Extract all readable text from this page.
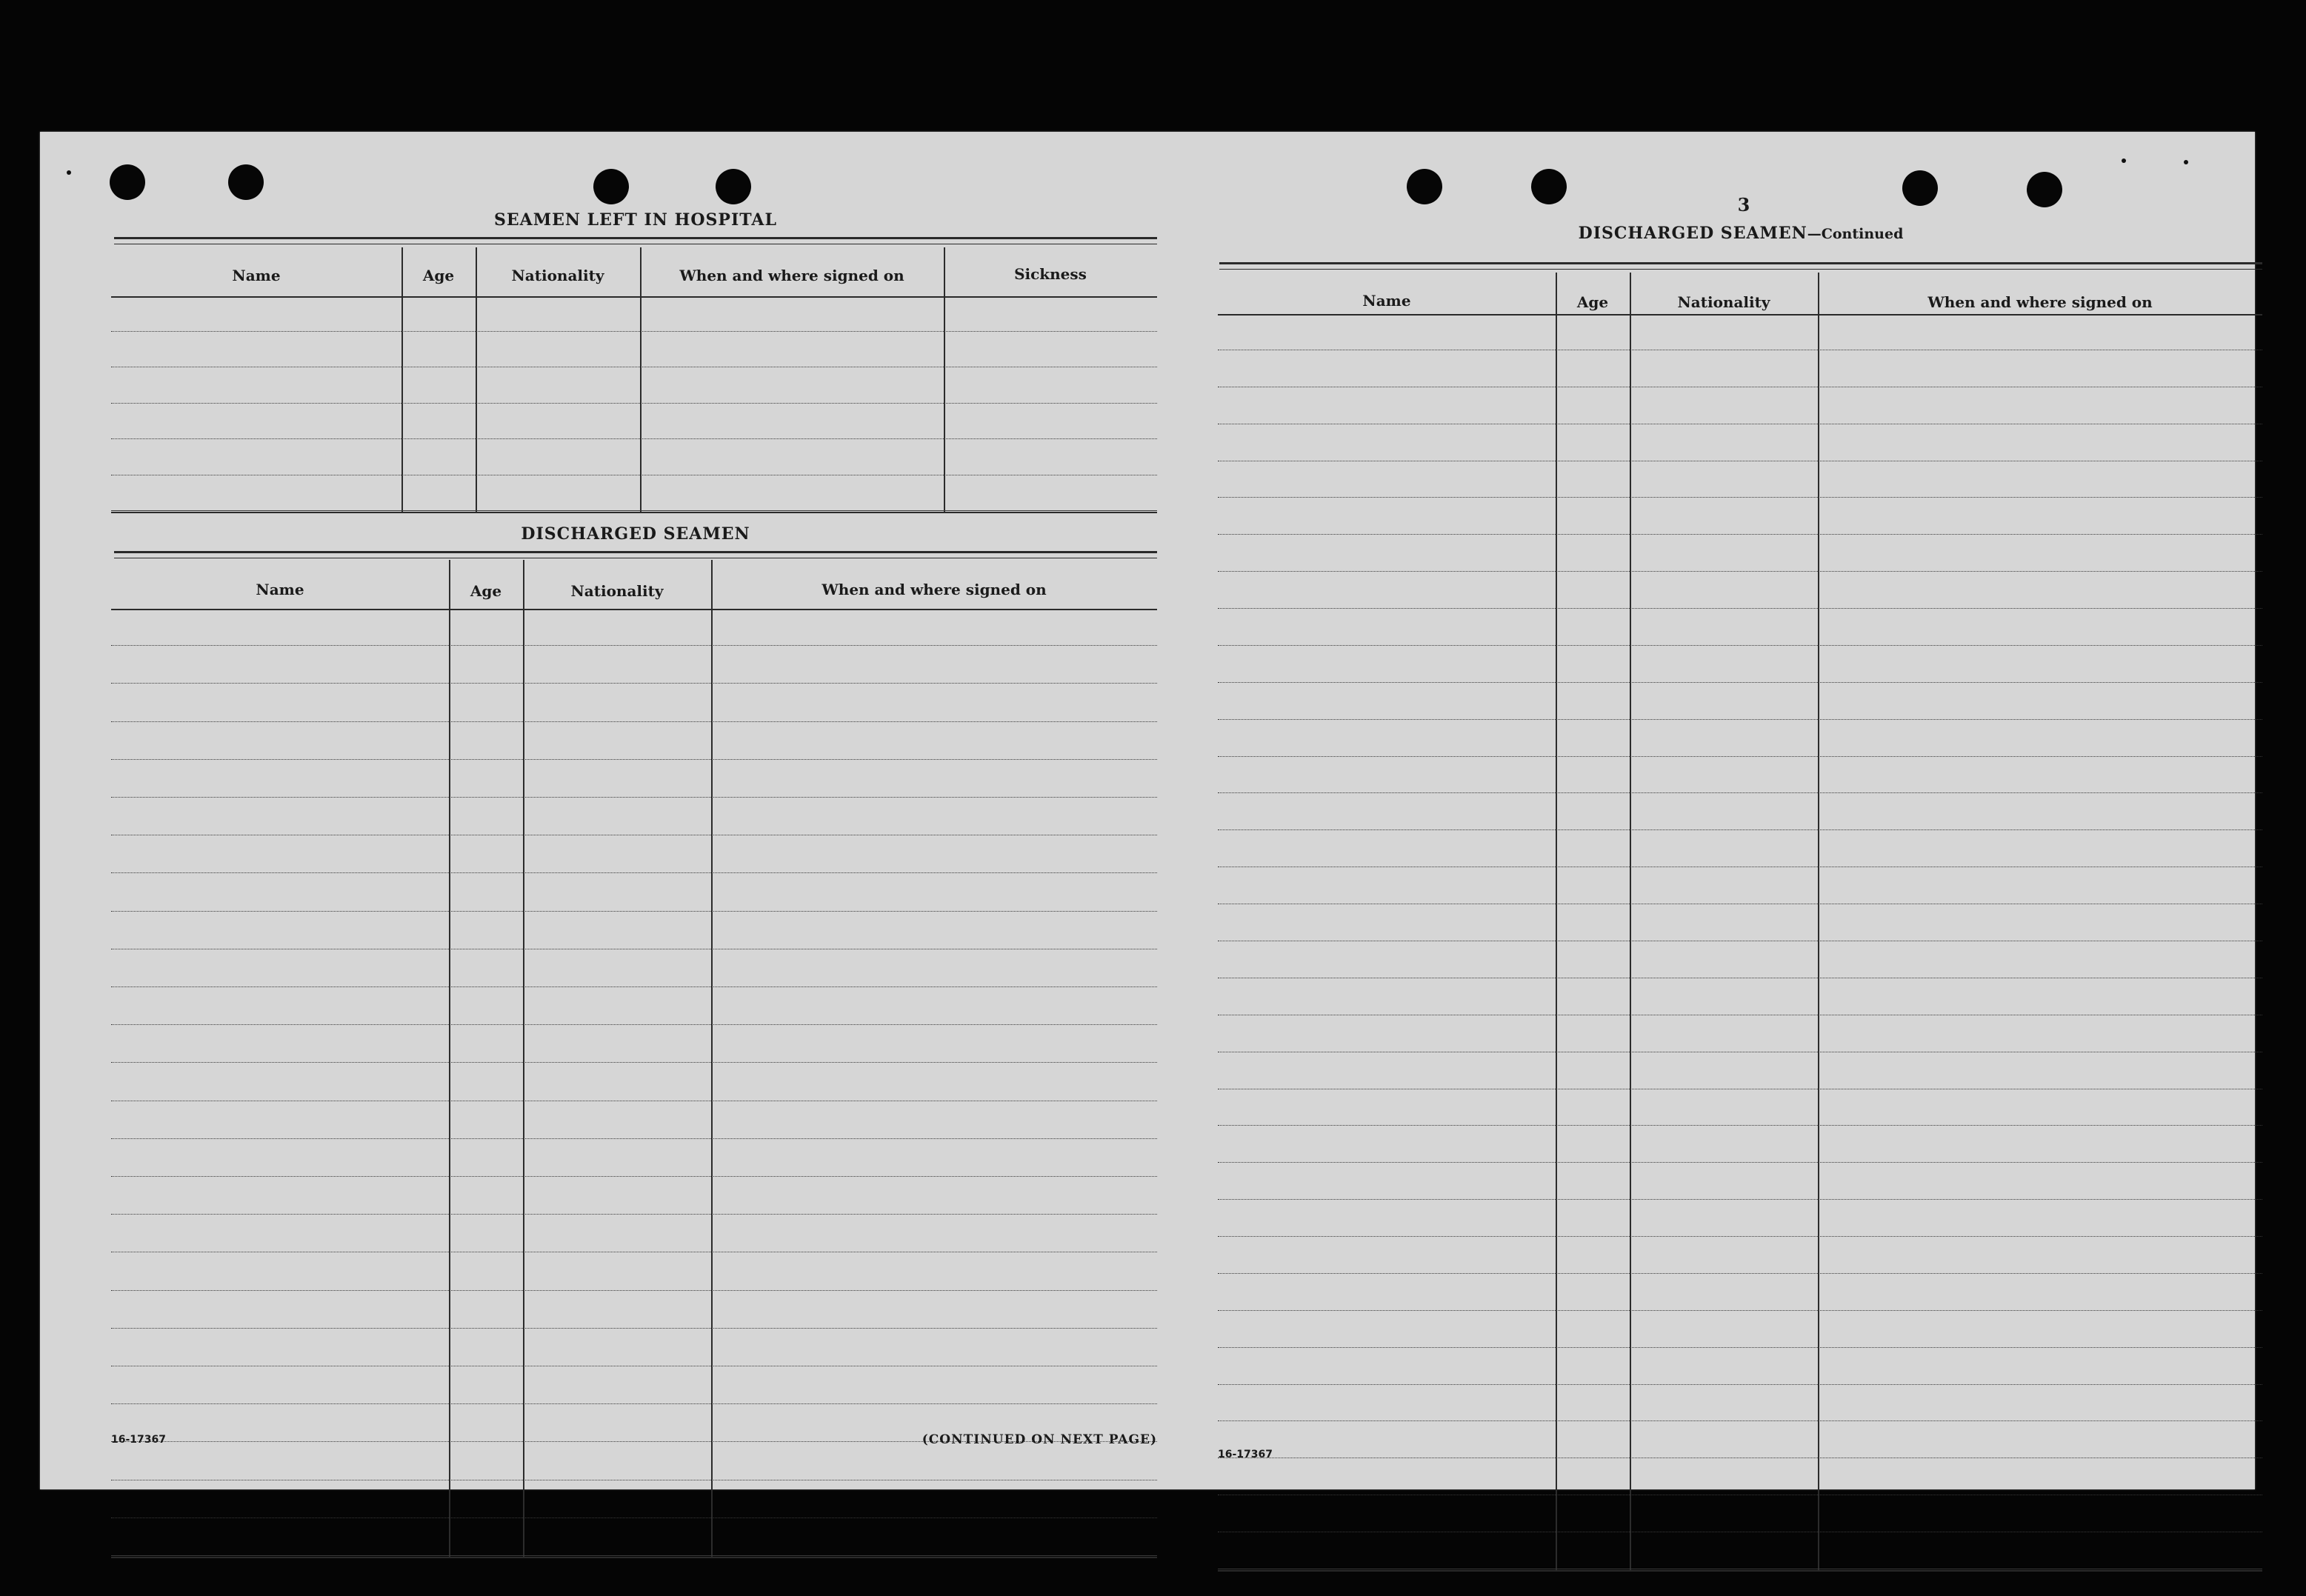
SEAMEN LEFT IN HOSPITAL
Name	Age	Nationality	When and where signed on	Sickness
DISCHARGED SEAMEN
Name	Age	Nationality	When and where signed on
16-17367	(CONTINUED ON NEXT PAGE)
3
DISCHARGED SEAMEN—Continued
Name	Age	Nationality	When and where signed on
16-17367
